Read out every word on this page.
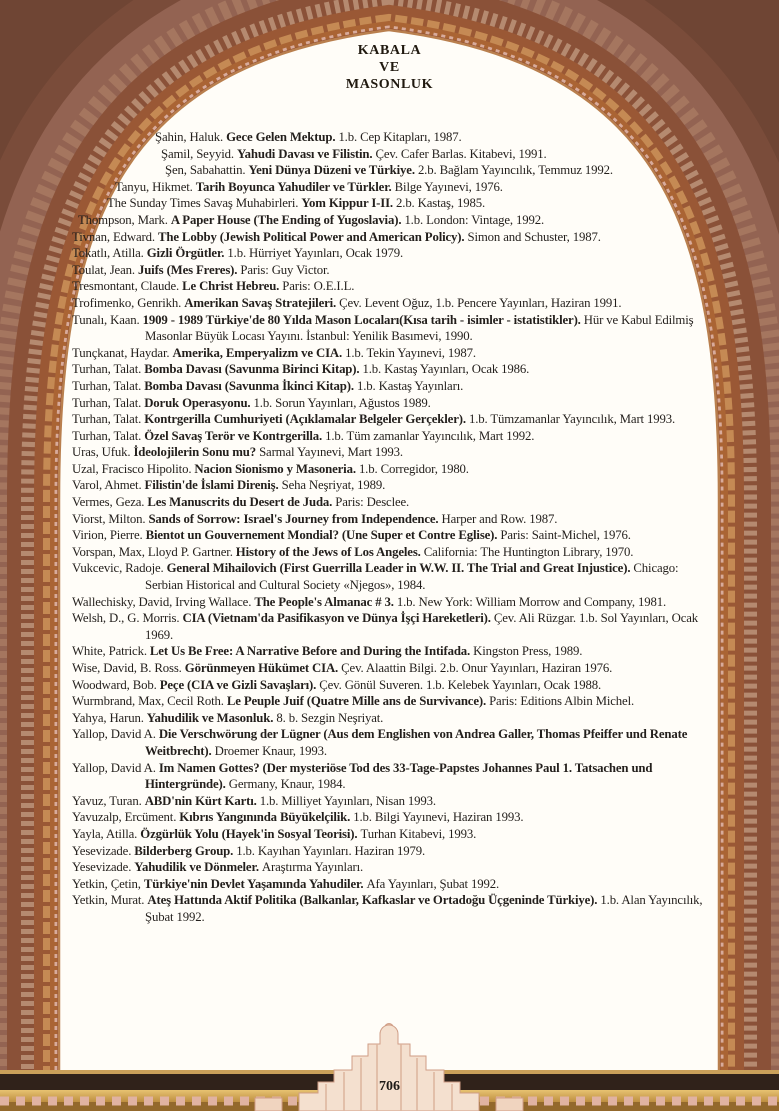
KABALA
VE
MASONLUK
Şahin, Haluk. Gece Gelen Mektup. 1.b. Cep Kitapları, 1987.
Şamil, Seyyid. Yahudi Davası ve Filistin. Çev. Cafer Barlas. Kitabevi, 1991.
Şen, Sabahattin. Yeni Dünya Düzeni ve Türkiye. 2.b. Bağlam Yayıncılık, Temmuz 1992.
Tanyu, Hikmet. Tarih Boyunca Yahudiler ve Türkler. Bilge Yayınevi, 1976.
The Sunday Times Savaş Muhabirleri. Yom Kippur I-II. 2.b. Kastaş, 1985.
Thompson, Mark. A Paper House (The Ending of Yugoslavia). 1.b. London: Vintage, 1992.
Tivnan, Edward. The Lobby (Jewish Political Power and American Policy). Simon and Schuster, 1987.
Tokatlı, Atilla. Gizli Örgütler. 1.b. Hürriyet Yayınları, Ocak 1979.
Toulat, Jean. Juifs (Mes Freres). Paris: Guy Victor.
Tresmontant, Claude. Le Christ Hebreu. Paris: O.E.I.L.
Trofimenko, Genrikh. Amerikan Savaş Stratejileri. Çev. Levent Oğuz, 1.b. Pencere Yayınları, Haziran 1991.
Tunalı, Kaan. 1909 - 1989 Türkiye'de 80 Yılda Mason Locaları(Kısa tarih - isimler - istatistikler). Hür ve Kabul Edilmiş Masonlar Büyük Locası Yayını. İstanbul: Yenilik Basımevi, 1990.
Tunçkanat, Haydar. Amerika, Emperyalizm ve CIA. 1.b. Tekin Yayınevi, 1987.
Turhan, Talat. Bomba Davası (Savunma Birinci Kitap). 1.b. Kastaş Yayınları, Ocak 1986.
Turhan, Talat. Bomba Davası (Savunma İkinci Kitap). 1.b. Kastaş Yayınları.
Turhan, Talat. Doruk Operasyonu. 1.b. Sorun Yayınları, Ağustos 1989.
Turhan, Talat. Kontrgerilla Cumhuriyeti (Açıklamalar Belgeler Gerçekler). 1.b. Tümzamanlar Yayıncılık, Mart 1993.
Turhan, Talat. Özel Savaş Terör ve Kontrgerilla. 1.b. Tüm zamanlar Yayıncılık, Mart 1992.
Uras, Ufuk. İdeolojilerin Sonu mu? Sarmal Yayınevi, Mart 1993.
Uzal, Fracisco Hipolito. Nacion Sionismo y Masoneria. 1.b. Corregidor, 1980.
Varol, Ahmet. Filistin'de İslami Direniş. Seha Neşriyat, 1989.
Vermes, Geza. Les Manuscrits du Desert de Juda. Paris: Desclee.
Viorst, Milton. Sands of Sorrow: Israel's Journey from Independence. Harper and Row. 1987.
Virion, Pierre. Bientot un Gouvernement Mondial? (Une Super et Contre Eglise). Paris: Saint-Michel, 1976.
Vorspan, Max, Lloyd P. Gartner. History of the Jews of Los Angeles. California: The Huntington Library, 1970.
Vukcevic, Radoje. General Mihailovich (First Guerrilla Leader in W.W. II. The Trial and Great Injustice). Chicago: Serbian Historical and Cultural Society «Njegos», 1984.
Wallechisky, David, Irving Wallace. The People's Almanac # 3. 1.b. New York: William Morrow and Company, 1981.
Welsh, D., G. Morris. CIA (Vietnam'da Pasifikasyon ve Dünya İşçi Hareketleri). Çev. Ali Rüzgar. 1.b. Sol Yayınları, Ocak 1969.
White, Patrick. Let Us Be Free: A Narrative Before and During the Intifada. Kingston Press, 1989.
Wise, David, B. Ross. Görünmeyen Hükümet CIA. Çev. Alaattin Bilgi. 2.b. Onur Yayınları, Haziran 1976.
Woodward, Bob. Peçe (CIA ve Gizli Savaşları). Çev. Gönül Suveren. 1.b. Kelebek Yayınları, Ocak 1988.
Wurmbrand, Max, Cecil Roth. Le Peuple Juif (Quatre Mille ans de Survivance). Paris: Editions Albin Michel.
Yahya, Harun. Yahudilik ve Masonluk. 8. b. Sezgin Neşriyat.
Yallop, David A. Die Verschwörung der Lügner (Aus dem Englishen von Andrea Galler, Thomas Pfeiffer und Renate Weitbrecht). Droemer Knaur, 1993.
Yallop, David A. Im Namen Gottes? (Der mysteriöse Tod des 33-Tage-Papstes Johannes Paul 1. Tatsachen und Hintergründe). Germany, Knaur, 1984.
Yavuz, Turan. ABD'nin Kürt Kartı. 1.b. Milliyet Yayınları, Nisan 1993.
Yavuzalp, Ercüment. Kıbrıs Yangınında Büyükelçilik. 1.b. Bilgi Yayınevi, Haziran 1993.
Yayla, Atilla. Özgürlük Yolu (Hayek'in Sosyal Teorisi). Turhan Kitabevi, 1993.
Yesevizade. Bilderberg Group. 1.b. Kayıhan Yayınları. Haziran 1979.
Yesevizade. Yahudilik ve Dönmeler. Araştırma Yayınları.
Yetkin, Çetin, Türkiye'nin Devlet Yaşamında Yahudiler. Afa Yayınları, Şubat 1992.
Yetkin, Murat. Ateş Hattında Aktif Politika (Balkanlar, Kafkaslar ve Ortadoğu Üçgeninde Türkiye). 1.b. Alan Yayıncılık, Şubat 1992.
706
